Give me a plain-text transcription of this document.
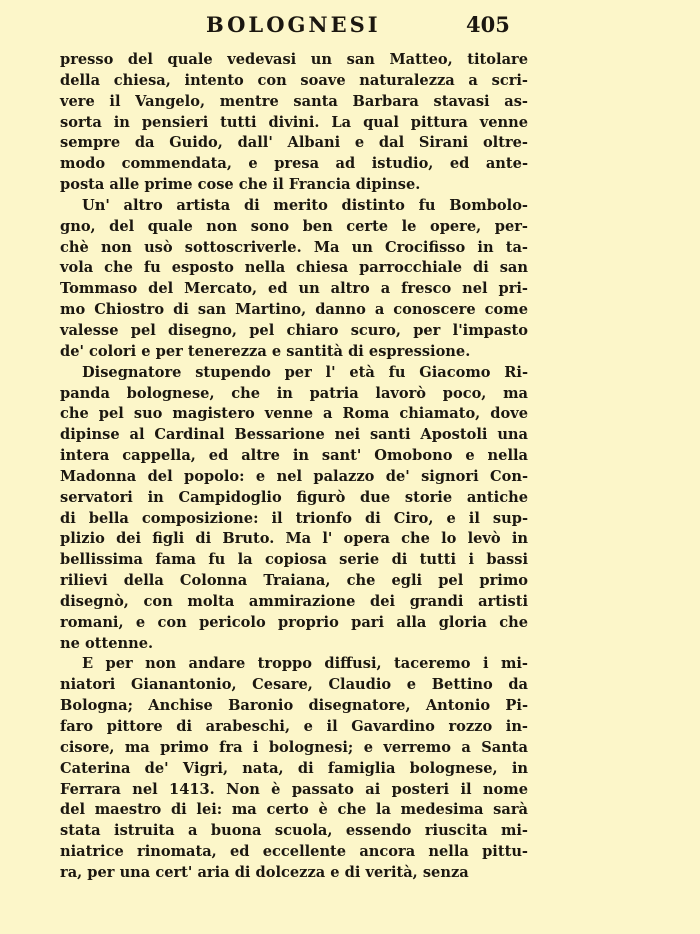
BOLOGNESI	405
presso del quale vedevasi un san Matteo, titolare
della chiesa, intento con soave naturalezza a scri-
vere il Vangelo, mentre santa Barbara stavasi as-
sorta in pensieri tutti divini. La qual pittura venne
sempre da Guido, dall' Albani e dal Sirani oltre-
modo commendata, e presa ad istudio, ed ante-
posta alle prime cose che il Francia dipinse.
Un' altro artista di merito distinto fu Bombolo-
gno, del quale non sono ben certe le opere, per-
chè non usò sottoscriverle. Ma un Crocifisso in ta-
vola che fu esposto nella chiesa parrocchiale di san
Tommaso del Mercato, ed un altro a fresco nel pri-
mo Chiostro di san Martino, danno a conoscere come
valesse pel disegno, pel chiaro scuro, per l'impasto
de' colori e per tenerezza e santità di espressione.
Disegnatore stupendo per l' età fu Giacomo Ri-
panda bolognese, che in patria lavorò poco, ma
che pel suo magistero venne a Roma chiamato, dove
dipinse al Cardinal Bessarione nei santi Apostoli una
intera cappella, ed altre in sant' Omobono e nella
Madonna del popolo: e nel palazzo de' signori Con-
servatori in Campidoglio figurò due storie antiche
di bella composizione: il trionfo di Ciro, e il sup-
plizio dei figli di Bruto. Ma l' opera che lo levò in
bellissima fama fu la copiosa serie di tutti i bassi
rilievi della Colonna Traiana, che egli pel primo
disegnò, con molta ammirazione dei grandi artisti
romani, e con pericolo proprio pari alla gloria che
ne ottenne.
E per non andare troppo diffusi, taceremo i mi-
niatori Gianantonio, Cesare, Claudio e Bettino da
Bologna; Anchise Baronio disegnatore, Antonio Pi-
faro pittore di arabeschi, e il Gavardino rozzo in-
cisore, ma primo fra i bolognesi; e verremo a Santa
Caterina de' Vigri, nata, di famiglia bolognese, in
Ferrara nel 1413. Non è passato ai posteri il nome
del maestro di lei: ma certo è che la medesima sarà
stata istruita a buona scuola, essendo riuscita mi-
niatrice rinomata, ed eccellente ancora nella pittu-
ra, per una cert' aria di dolcezza e di verità, senza
